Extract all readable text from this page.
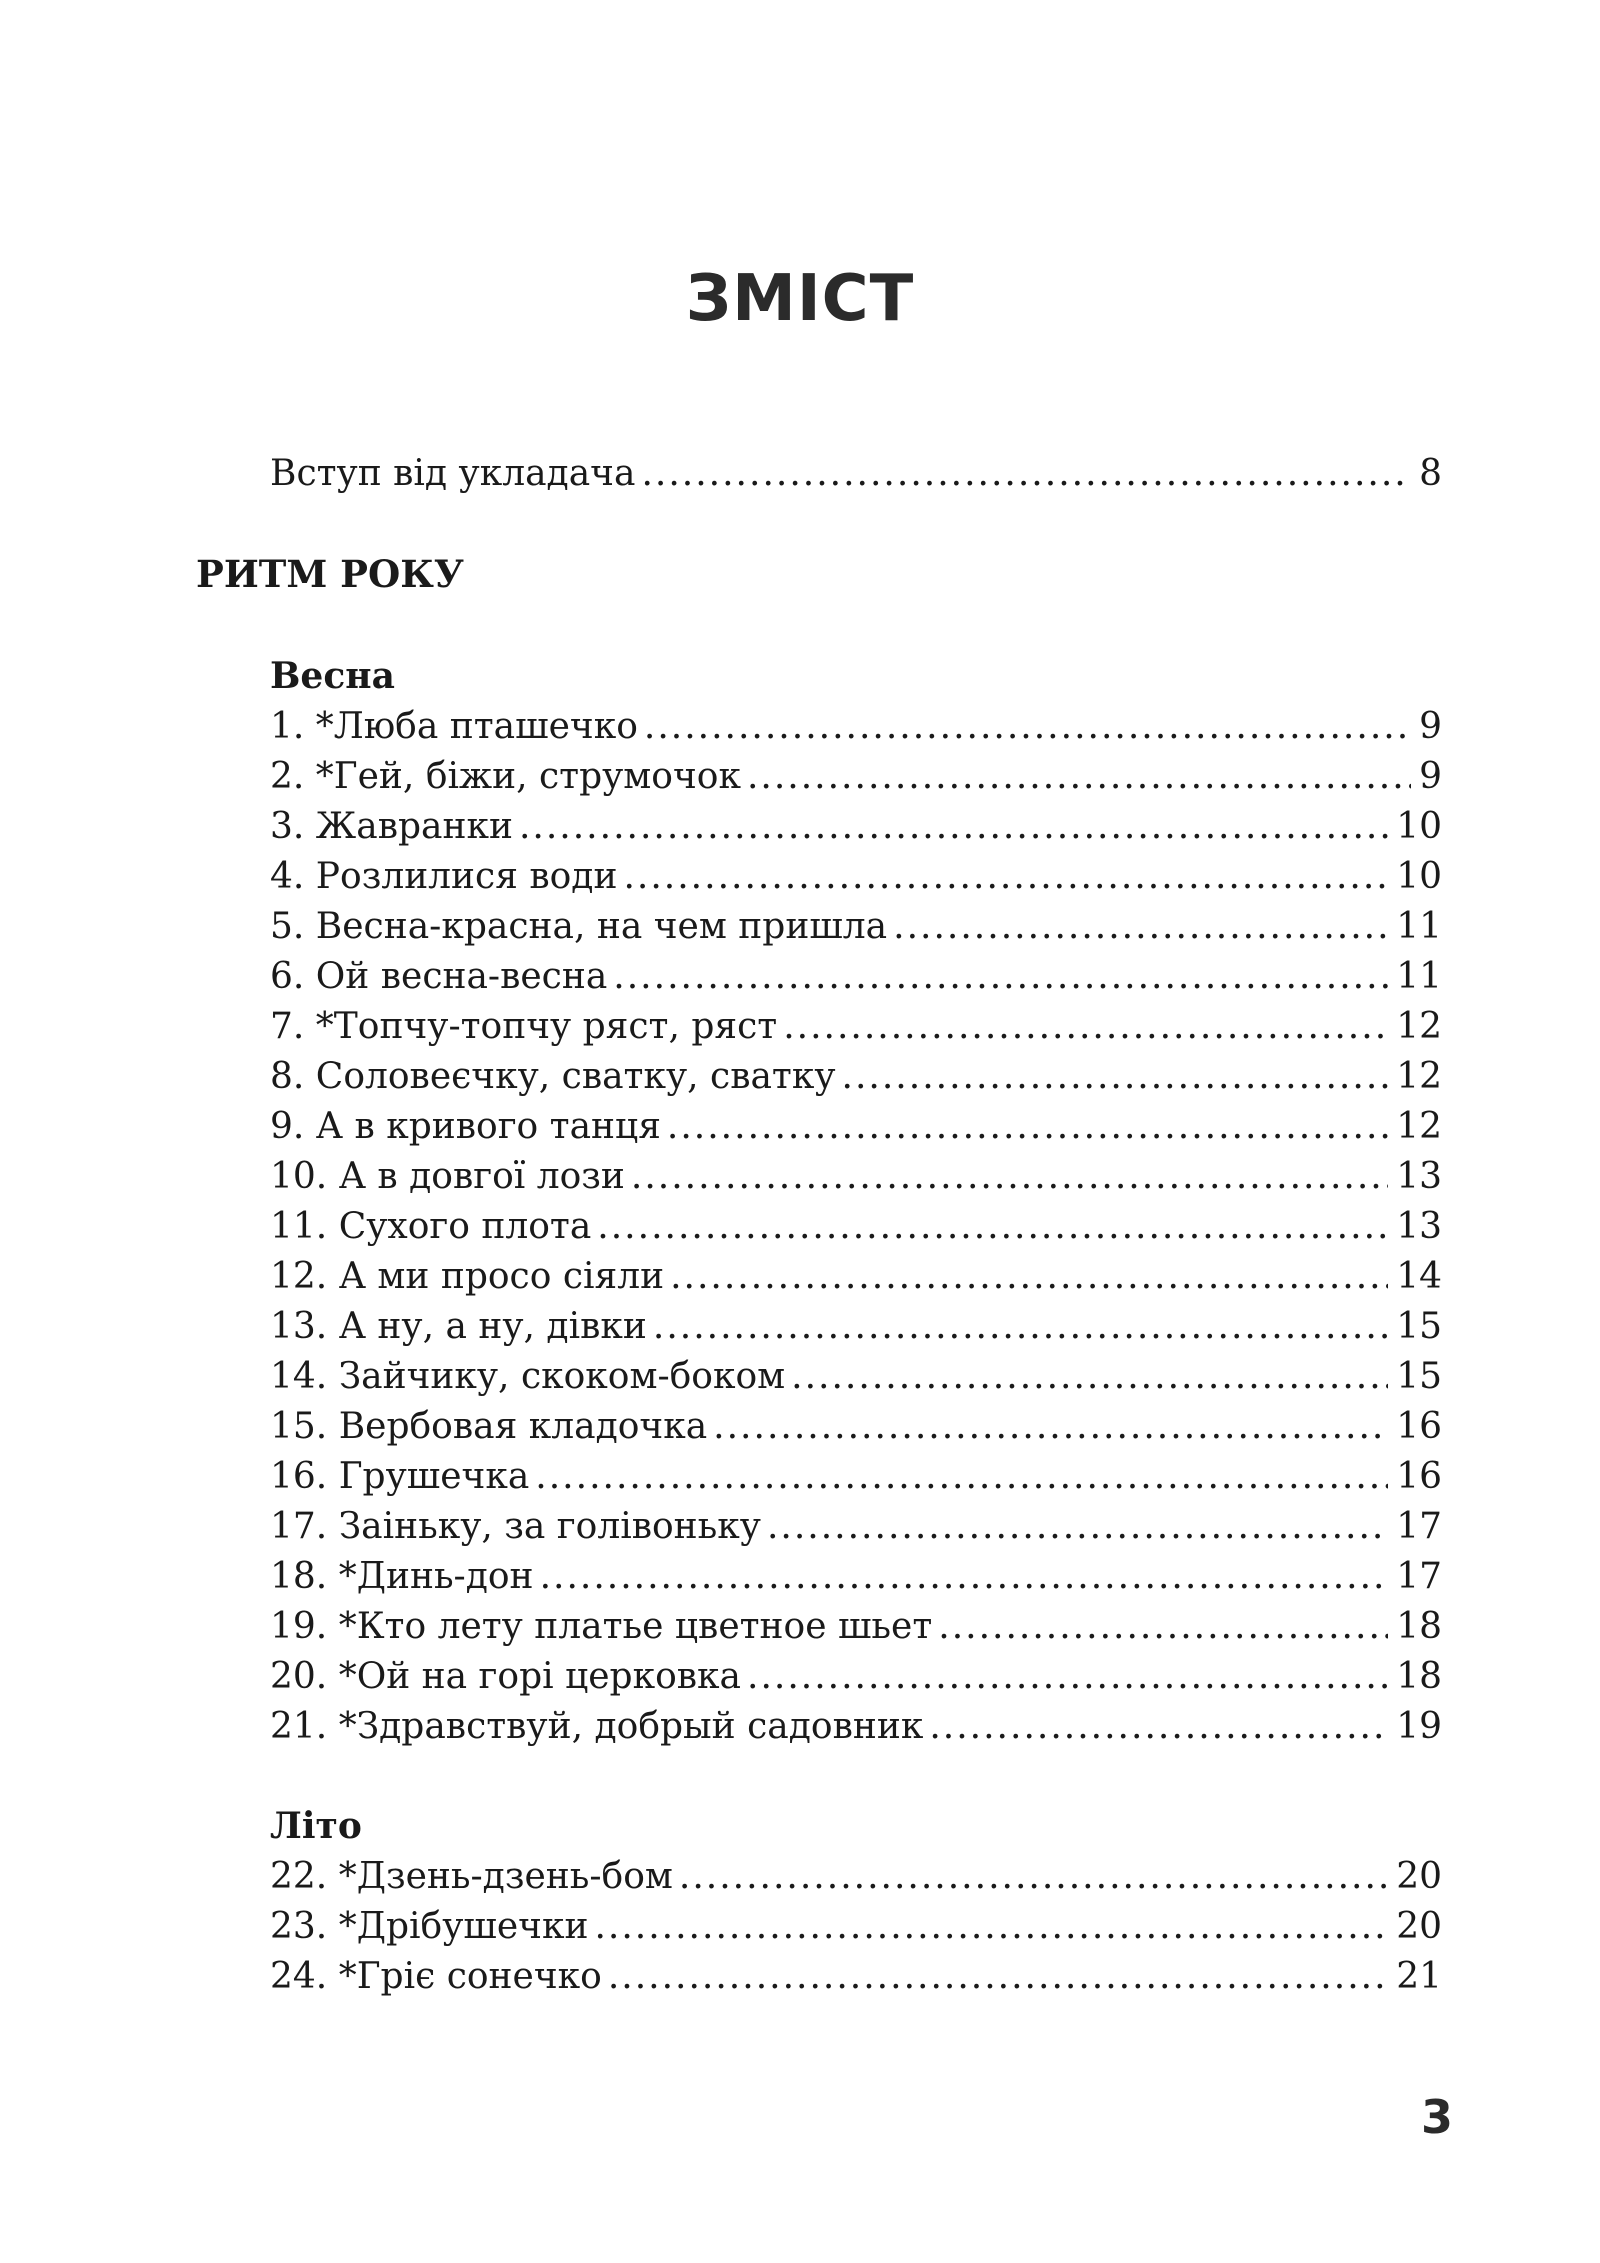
ЗМІСТ
Вступ від укладача .....	8
РИТМ РОКУ
Весна
1. *Люба пташечко .....	9
2. *Гей, біжи, струмочок .....	9
3. Жавранки .....	10
4. Розлилися води .....	10
5. Весна-красна, на чем пришла .....	11
6. Ой весна-весна .....	11
7. *Топчу-топчу ряст, ряст .....	12
8. Соловеєчку, сватку, сватку .....	12
9. А в кривого танця .....	12
10. А в довгої лози .....	13
11. Сухого плота .....	13
12. А ми просо сіяли .....	14
13. А ну, а ну, дівки .....	15
14. Зайчику, скоком-боком .....	15
15. Вербовая кладочка .....	16
16. Грушечка .....	16
17. Заіньку, за голівоньку .....	17
18. *Динь-дон .....	17
19. *Кто лету платье цветное шьет .....	18
20. *Ой на горі церковка .....	18
21. *Здравствуй, добрый садовник .....	19
Літо
22. *Дзень-дзень-бом .....	20
23. *Дрібушечки .....	20
24. *Гріє сонечко .....	21
3
